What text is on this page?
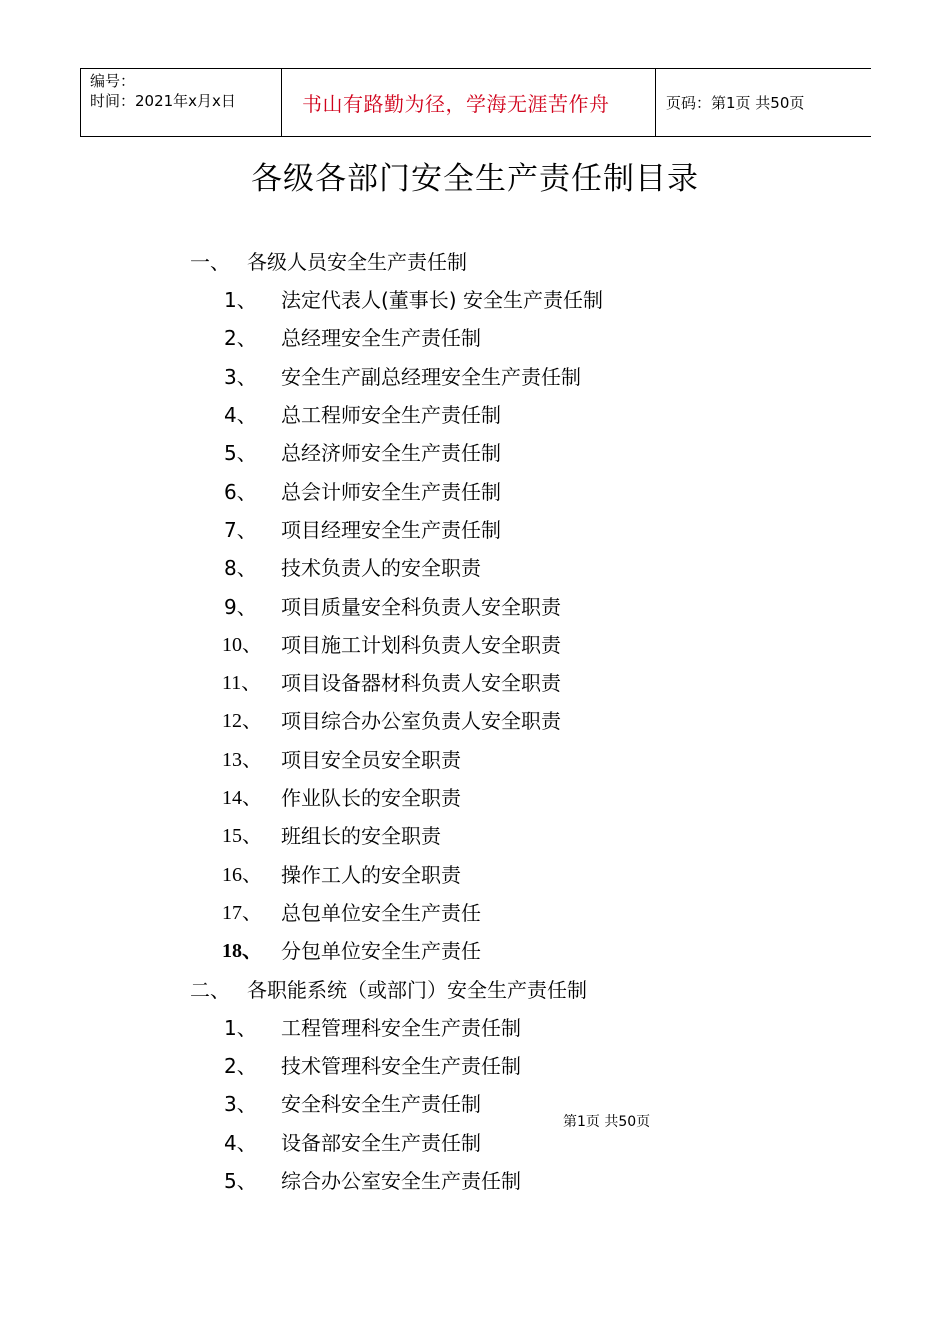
编号：
时间：2021年x月x日	书山有路勤为径，学海无涯苦作舟	页码：第1页 共50页
各级各部门安全生产责任制目录
一、 各级人员安全生产责任制
1、 法定代表人(董事长) 安全生产责任制
2、 总经理安全生产责任制
3、 安全生产副总经理安全生产责任制
4、 总工程师安全生产责任制
5、 总经济师安全生产责任制
6、 总会计师安全生产责任制
7、 项目经理安全生产责任制
8、 技术负责人的安全职责
9、 项目质量安全科负责人安全职责
10、 项目施工计划科负责人安全职责
11、 项目设备器材科负责人安全职责
12、 项目综合办公室负责人安全职责
13、 项目安全员安全职责
14、 作业队长的安全职责
15、 班组长的安全职责
16、 操作工人的安全职责
17、 总包单位安全生产责任
18、 分包单位安全生产责任
二、 各职能系统（或部门）安全生产责任制
1、 工程管理科安全生产责任制
2、 技术管理科安全生产责任制
3、 安全科安全生产责任制
4、 设备部安全生产责任制
5、 综合办公室安全生产责任制
第1页 共50页
